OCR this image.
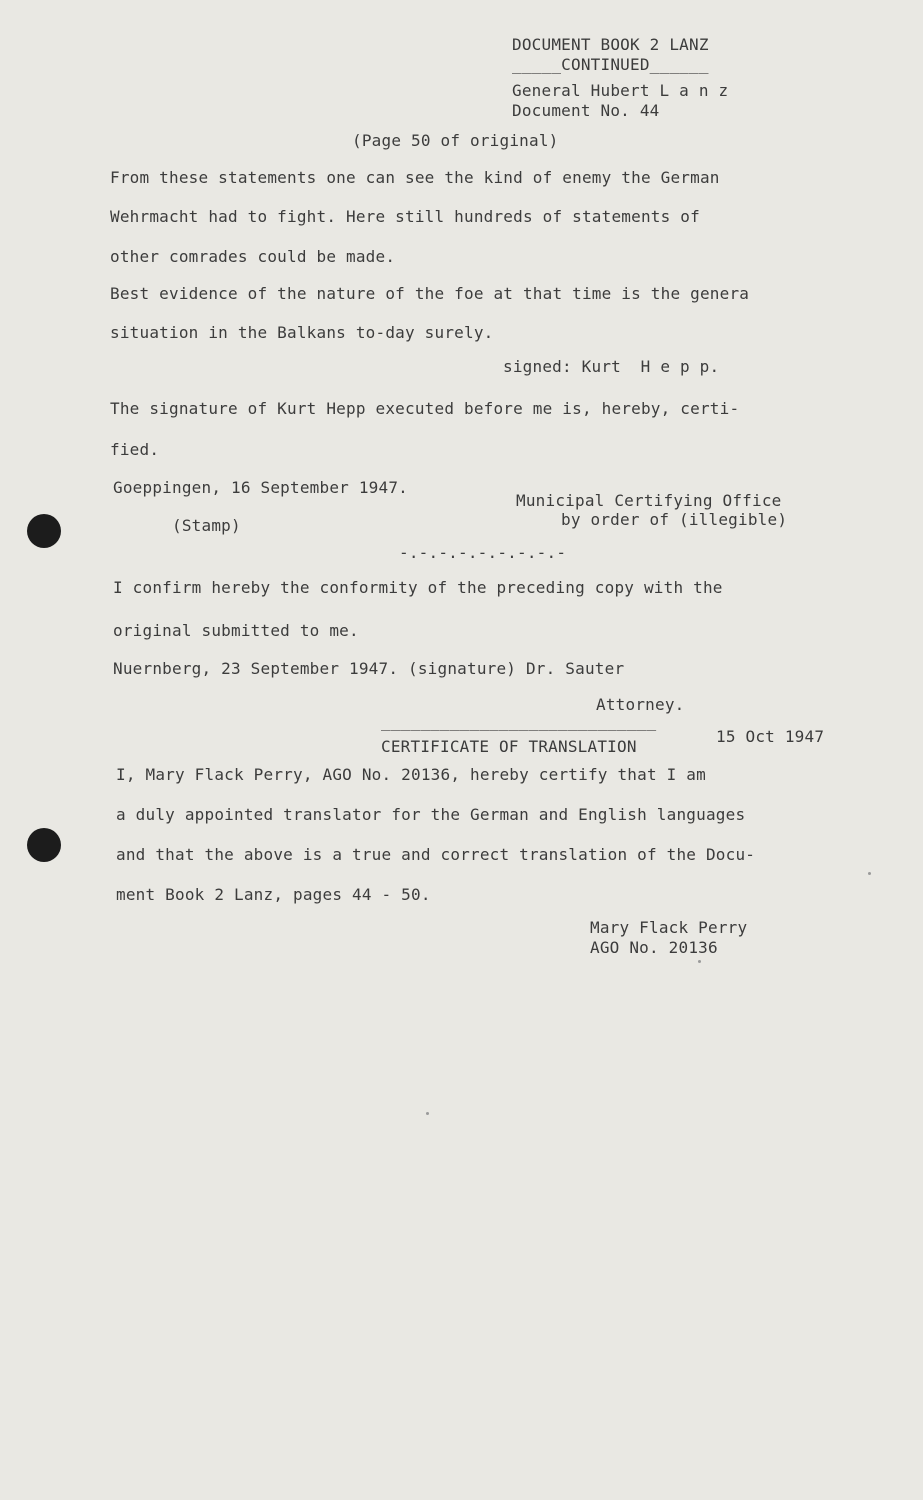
DOCUMENT BOOK 2 LANZ
_____CONTINUED______
General Hubert L a n z
Document No. 44
(Page 50 of original)
From these statements one can see the kind of enemy the German
Wehrmacht had to fight. Here still hundreds of statements of
other comrades could be made.
Best evidence of the nature of the foe at that time is the genera
situation in the Balkans to-day surely.
signed: Kurt  H e p p.
The signature of Kurt Hepp executed before me is, hereby, certi-
fied.
Goeppingen, 16 September 1947.
Municipal Certifying Office
by order of (illegible)
(Stamp)
-.-.-.-.-.-.-.-.-
I confirm hereby the conformity of the preceding copy with the
original submitted to me.
Nuernberg, 23 September 1947. (signature) Dr. Sauter
Attorney.
____________________________
CERTIFICATE OF TRANSLATION
15 Oct 1947
I, Mary Flack Perry, AGO No. 20136, hereby certify that I am
a duly appointed translator for the German and English languages
and that the above is a true and correct translation of the Docu-
ment Book 2 Lanz, pages 44 - 50.
Mary Flack Perry
AGO No. 20136
